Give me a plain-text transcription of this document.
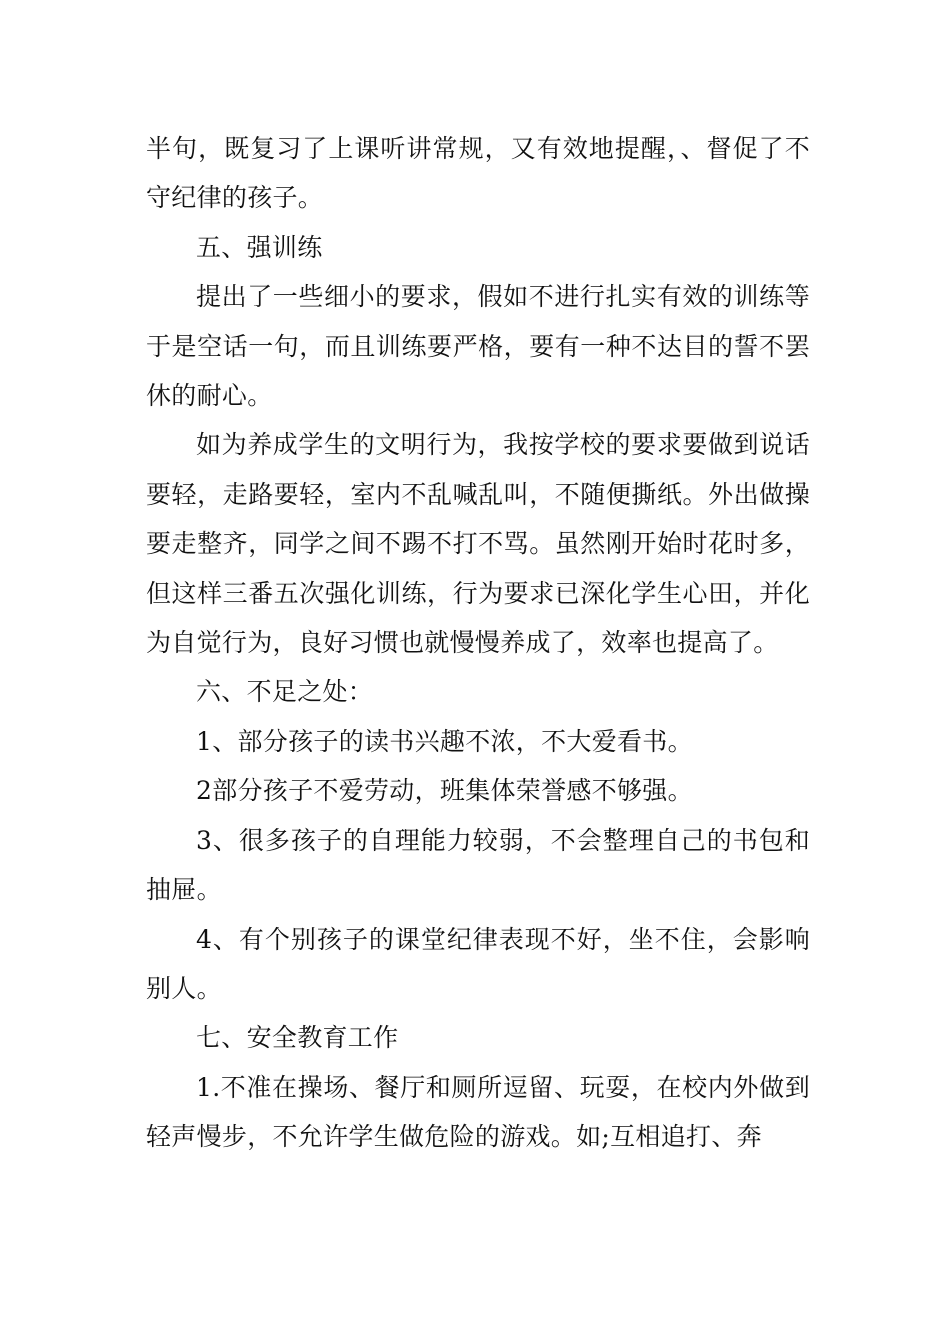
半句，既复习了上课听讲常规，又有效地提醒，、督促了不守纪律的孩子。

五、强训练

提出了一些细小的要求，假如不进行扎实有效的训练等于是空话一句，而且训练要严格，要有一种不达目的誓不罢休的耐心。

如为养成学生的文明行为，我按学校的要求要做到说话要轻，走路要轻，室内不乱喊乱叫，不随便撕纸。外出做操要走整齐，同学之间不踢不打不骂。虽然刚开始时花时多，但这样三番五次强化训练，行为要求已深化学生心田，并化为自觉行为，良好习惯也就慢慢养成了，效率也提高了。

六、不足之处：

1、部分孩子的读书兴趣不浓，不大爱看书。

2部分孩子不爱劳动，班集体荣誉感不够强。

3、很多孩子的自理能力较弱，不会整理自己的书包和抽屉。

4、有个别孩子的课堂纪律表现不好，坐不住，会影响别人。

七、安全教育工作

1.不准在操场、餐厅和厕所逗留、玩耍，在校内外做到轻声慢步，不允许学生做危险的游戏。如;互相追打、奔
